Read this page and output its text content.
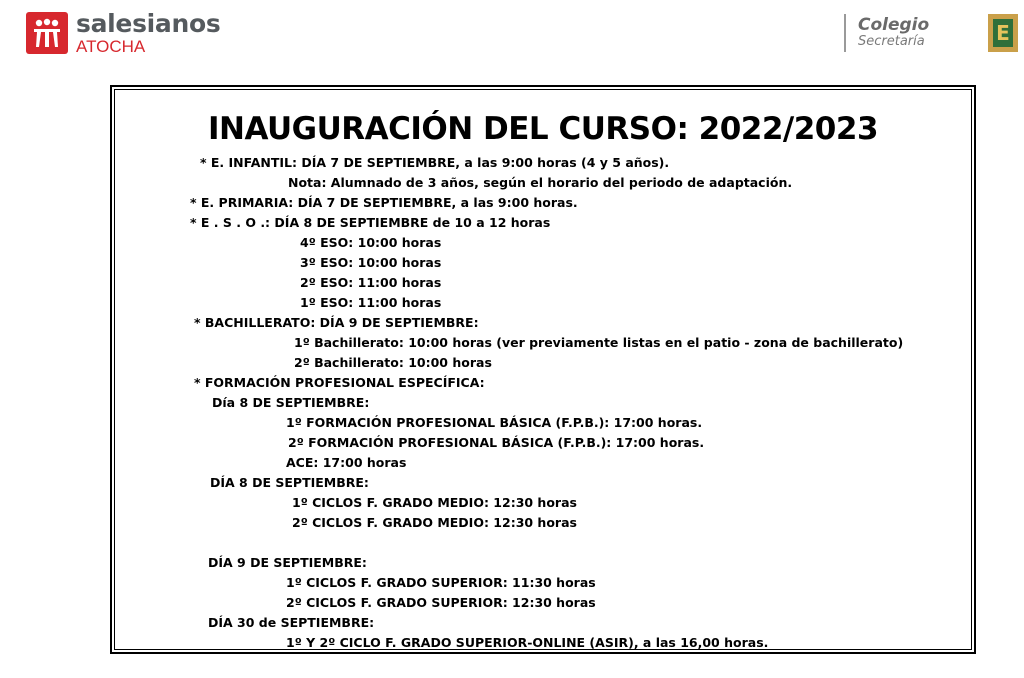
salesianos
ATOCHA
Colegio
Secretaría	E
INAUGURACIÓN DEL CURSO: 2022/2023
* E. INFANTIL: DÍA 7 DE SEPTIEMBRE, a las 9:00 horas (4 y 5 años).
Nota: Alumnado de 3 años, según el horario del periodo de adaptación.
* E. PRIMARIA: DÍA 7 DE SEPTIEMBRE, a las 9:00 horas.
* E . S . O .: DÍA 8 DE SEPTIEMBRE de 10 a 12 horas
4º ESO: 10:00 horas
3º ESO: 10:00 horas
2º ESO: 11:00 horas
1º ESO: 11:00 horas
* BACHILLERATO: DÍA 9 DE SEPTIEMBRE:
1º Bachillerato: 10:00 horas (ver previamente listas en el patio - zona de bachillerato)
2º Bachillerato: 10:00 horas
* FORMACIÓN PROFESIONAL ESPECÍFICA:
Día 8 DE SEPTIEMBRE:
1º FORMACIÓN PROFESIONAL BÁSICA (F.P.B.): 17:00 horas.
2º FORMACIÓN PROFESIONAL BÁSICA (F.P.B.): 17:00 horas.
ACE: 17:00 horas
DÍA 8 DE SEPTIEMBRE:
1º CICLOS F. GRADO MEDIO: 12:30 horas
2º CICLOS F. GRADO MEDIO: 12:30 horas
DÍA 9 DE SEPTIEMBRE:
1º CICLOS F. GRADO SUPERIOR: 11:30 horas
2º CICLOS F. GRADO SUPERIOR: 12:30 horas
DÍA 30 de SEPTIEMBRE:
1º Y 2º CICLO F. GRADO SUPERIOR-ONLINE (ASIR), a las 16,00 horas.
